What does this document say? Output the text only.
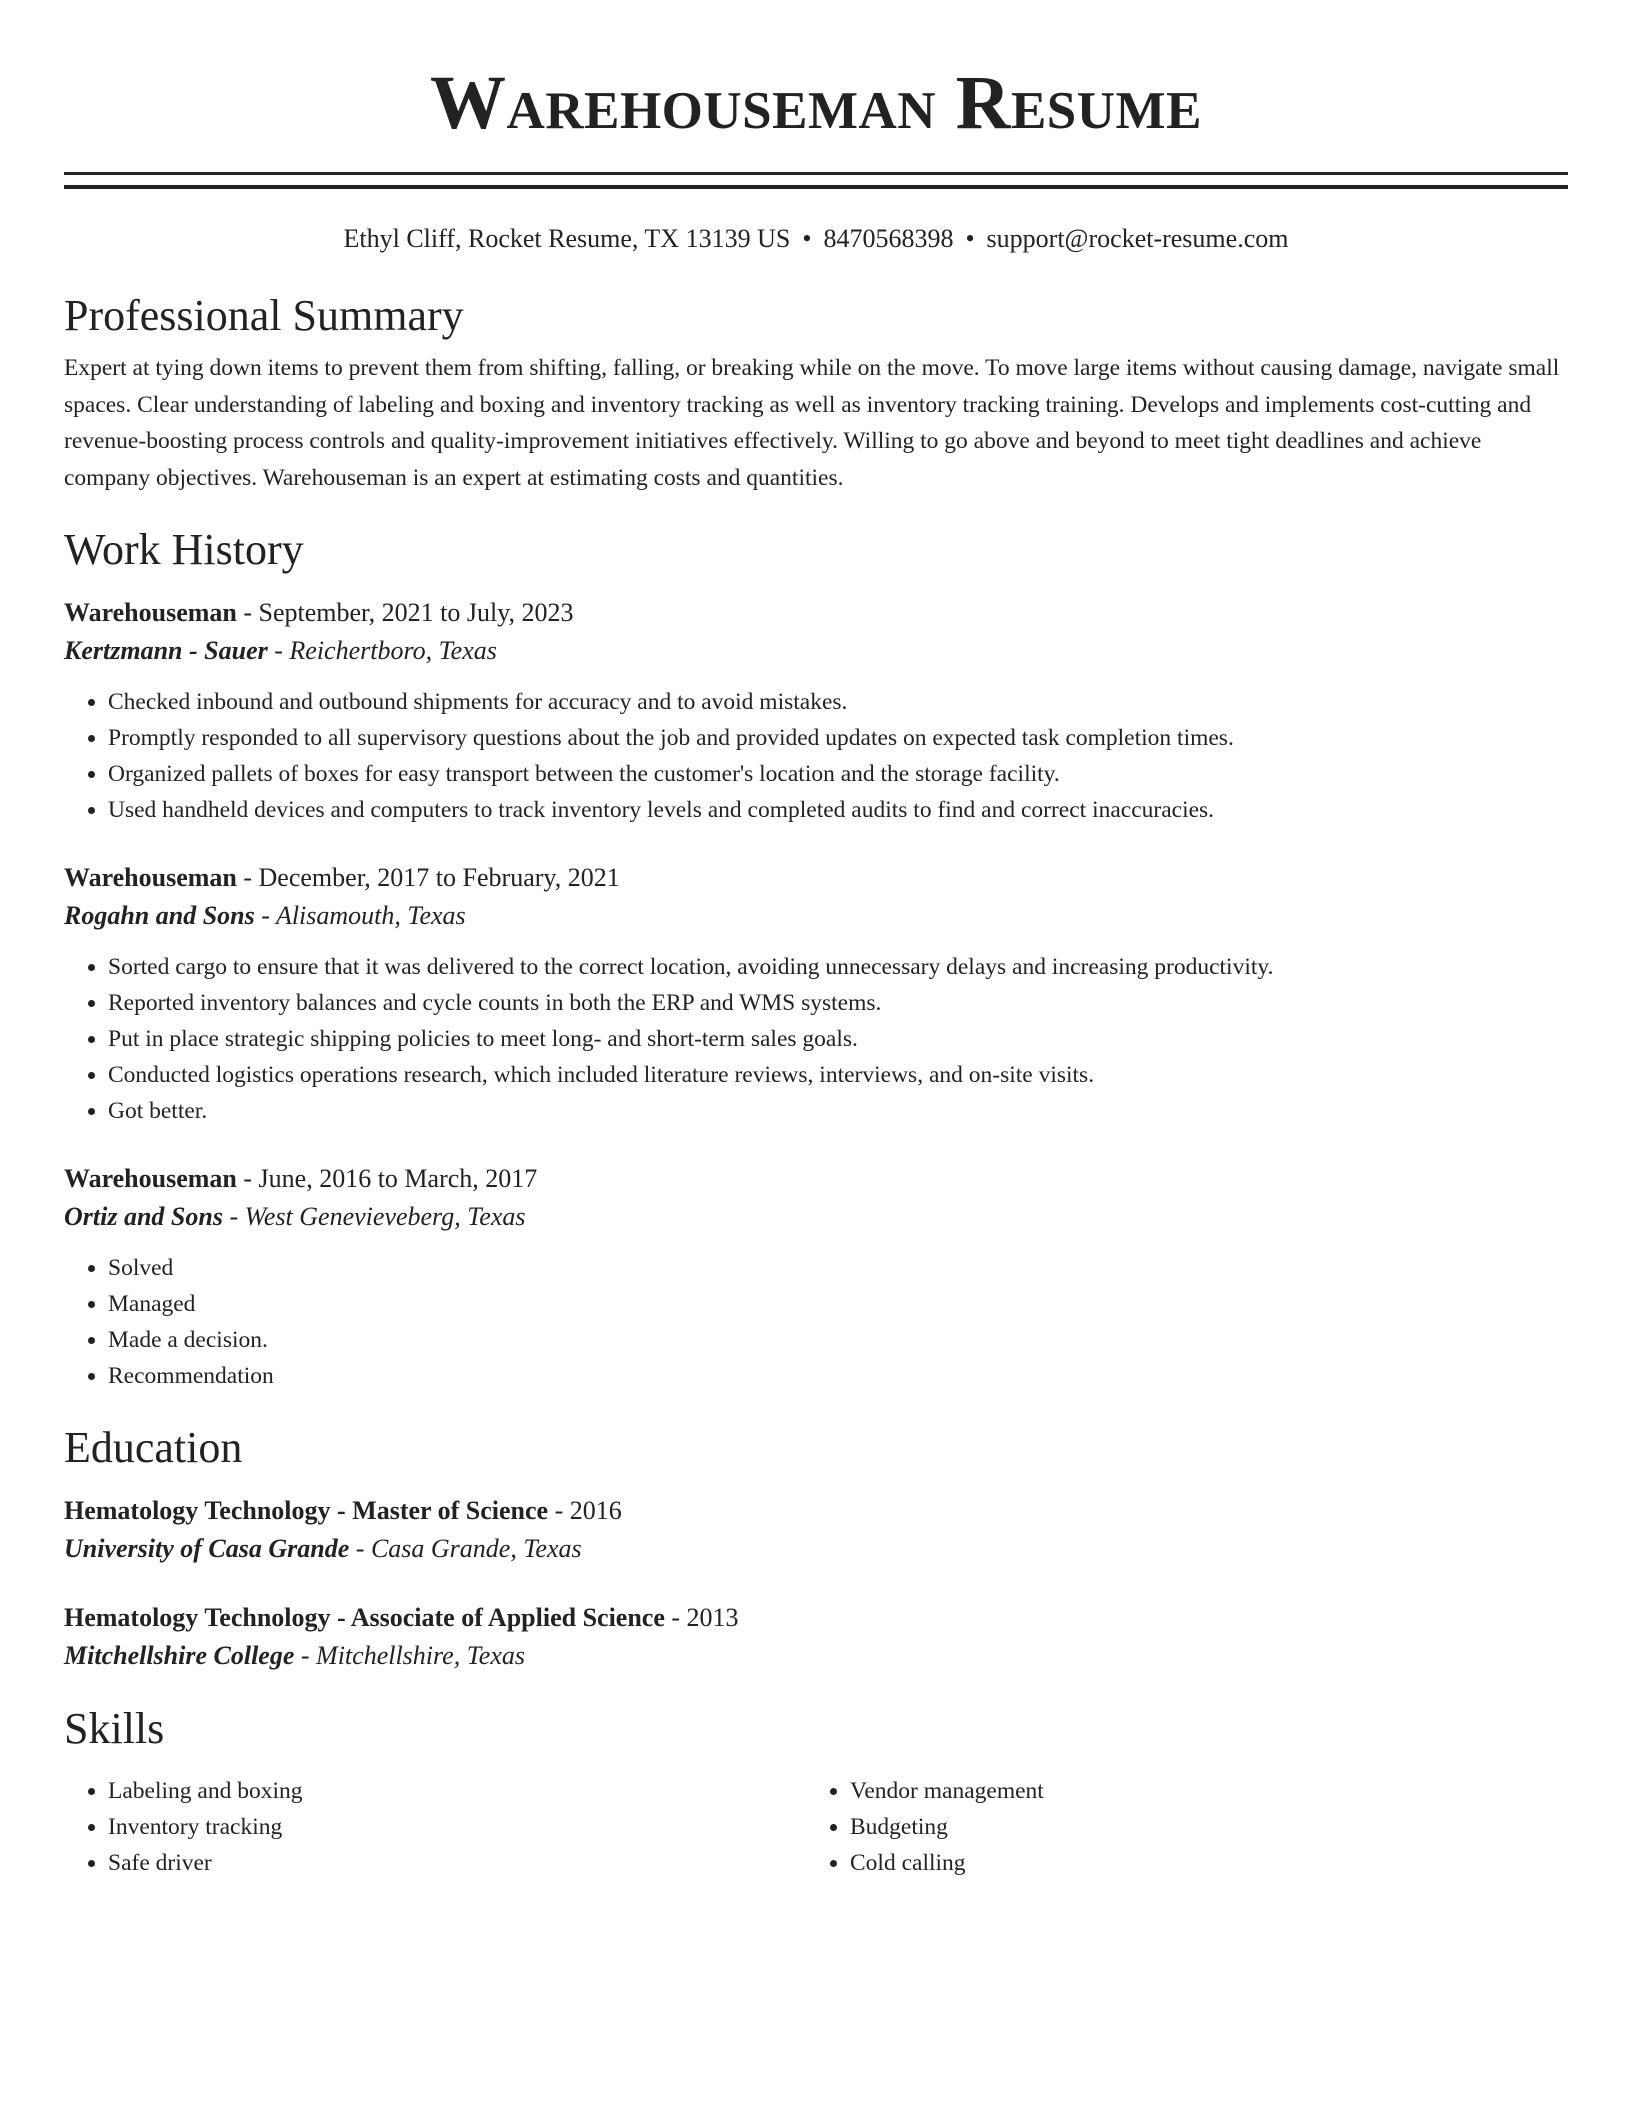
Warehouseman Resume
Ethyl Cliff, Rocket Resume, TX 13139 US • 8470568398 • support@rocket-resume.com
Professional Summary
Expert at tying down items to prevent them from shifting, falling, or breaking while on the move. To move large items without causing damage, navigate small spaces. Clear understanding of labeling and boxing and inventory tracking as well as inventory tracking training. Develops and implements cost-cutting and revenue-boosting process controls and quality-improvement initiatives effectively. Willing to go above and beyond to meet tight deadlines and achieve company objectives. Warehouseman is an expert at estimating costs and quantities.
Work History
Warehouseman - September, 2021 to July, 2023
Kertzmann - Sauer - Reichertboro, Texas
• Checked inbound and outbound shipments for accuracy and to avoid mistakes.
• Promptly responded to all supervisory questions about the job and provided updates on expected task completion times.
• Organized pallets of boxes for easy transport between the customer's location and the storage facility.
• Used handheld devices and computers to track inventory levels and completed audits to find and correct inaccuracies.
Warehouseman - December, 2017 to February, 2021
Rogahn and Sons - Alisamouth, Texas
• Sorted cargo to ensure that it was delivered to the correct location, avoiding unnecessary delays and increasing productivity.
• Reported inventory balances and cycle counts in both the ERP and WMS systems.
• Put in place strategic shipping policies to meet long- and short-term sales goals.
• Conducted logistics operations research, which included literature reviews, interviews, and on-site visits.
• Got better.
Warehouseman - June, 2016 to March, 2017
Ortiz and Sons - West Genevieveberg, Texas
• Solved
• Managed
• Made a decision.
• Recommendation
Education
Hematology Technology - Master of Science - 2016
University of Casa Grande - Casa Grande, Texas
Hematology Technology - Associate of Applied Science - 2013
Mitchellshire College - Mitchellshire, Texas
Skills
• Labeling and boxing
• Inventory tracking
• Safe driver
• Vendor management
• Budgeting
• Cold calling
